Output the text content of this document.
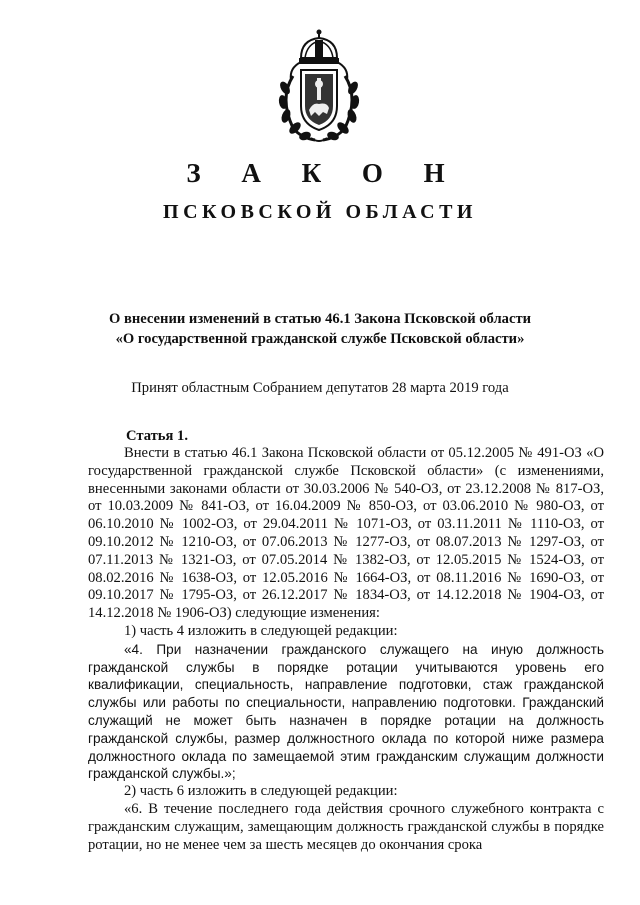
З А К О Н
ПСКОВСКОЙ ОБЛАСТИ
О внесении изменений в статью 46.1 Закона Псковской области
«О государственной гражданской службе Псковской области»
Принят областным Собранием депутатов 28 марта 2019 года
Статья 1.

Внести в статью 46.1 Закона Псковской области от 05.12.2005 № 491-ОЗ «О государственной гражданской службе Псковской области» (с изменениями, внесенными законами области от 30.03.2006 № 540-ОЗ, от 23.12.2008 № 817-ОЗ, от 10.03.2009 № 841-ОЗ, от 16.04.2009 № 850-ОЗ, от 03.06.2010 № 980-ОЗ, от 06.10.2010 № 1002-ОЗ, от 29.04.2011 № 1071-ОЗ, от 03.11.2011 № 1110-ОЗ, от 09.10.2012 № 1210-ОЗ, от 07.06.2013 № 1277-ОЗ, от 08.07.2013 № 1297-ОЗ, от 07.11.2013 № 1321-ОЗ, от 07.05.2014 № 1382-ОЗ, от 12.05.2015 № 1524-ОЗ, от 08.02.2016 № 1638-ОЗ, от 12.05.2016 № 1664-ОЗ, от 08.11.2016 № 1690-ОЗ, от 09.10.2017 № 1795-ОЗ, от 26.12.2017 № 1834-ОЗ, от 14.12.2018 № 1904-ОЗ, от 14.12.2018 № 1906-ОЗ) следующие изменения:

1) часть 4 изложить в следующей редакции:

«4. При назначении гражданского служащего на иную должность гражданской службы в порядке ротации учитываются уровень его квалификации, специальность, направление подготовки, стаж гражданской службы или работы по специальности, направлению подготовки. Гражданский служащий не может быть назначен в порядке ротации на должность гражданской службы, размер должностного оклада по которой ниже размера должностного оклада по замещаемой этим гражданским служащим должности гражданской службы.»;

2) часть 6 изложить в следующей редакции:

«6. В течение последнего года действия срочного служебного контракта с гражданским служащим, замещающим должность гражданской службы в порядке ротации, но не менее чем за шесть месяцев до окончания срока
